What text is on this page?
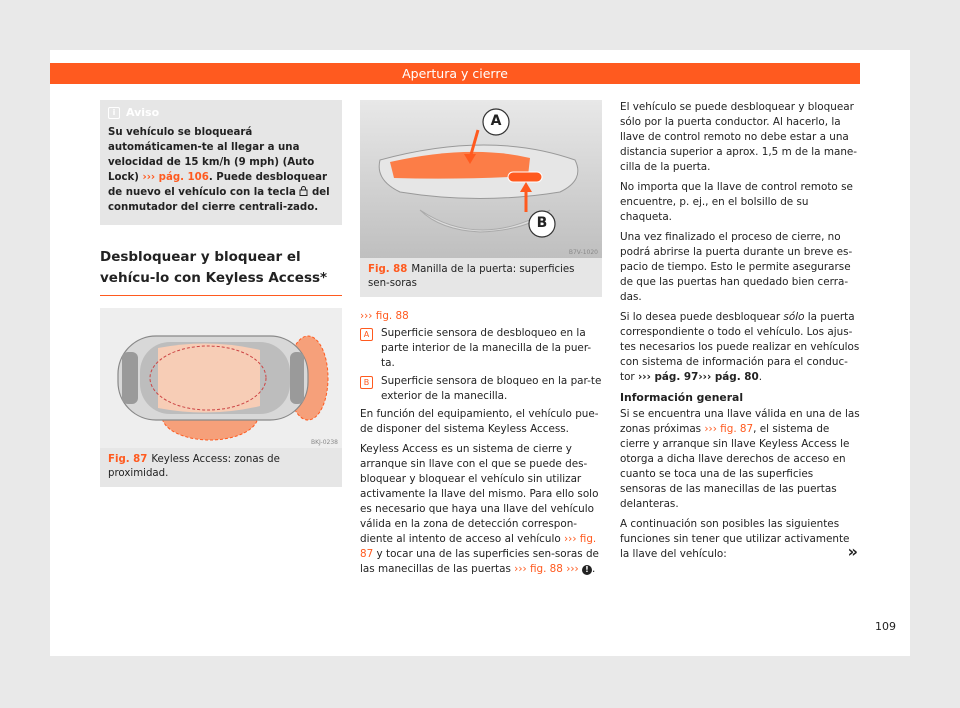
Apertura y cierre
i Aviso
Su vehículo se bloqueará automáticamen-te al llegar a una velocidad de 15 km/h (9 mph) (Auto Lock) ››› pág. 106. Puede desbloquear de nuevo el vehículo con la tecla  del conmutador del cierre centrali-zado.
Desbloquear y bloquear el vehícu-lo con Keyless Access*
BKJ-0238
Fig. 87 Keyless Access: zonas de proximidad.
A
B
B7V-1020
Fig. 88 Manilla de la puerta: superficies sen-soras
››› fig. 88
A	Superficie sensora de desbloqueo en la parte interior de la manecilla de la puer-ta.
B	Superficie sensora de bloqueo en la par-te exterior de la manecilla.

En función del equipamiento, el vehículo pue-de disponer del sistema Keyless Access.

Keyless Access es un sistema de cierre y arranque sin llave con el que se puede des-bloquear y bloquear el vehículo sin utilizar activamente la llave del mismo. Para ello solo es necesario que haya una llave del vehículo válida en la zona de detección correspon-diente al intento de acceso al vehículo ››› fig. 87 y tocar una de las superficies sen-soras de las manecillas de las puertas ››› fig. 88 ››› ! .

El vehículo se puede desbloquear y bloquear sólo por la puerta conductor. Al hacerlo, la llave de control remoto no debe estar a una distancia superior a aprox. 1,5 m de la mane-cilla de la puerta.

No importa que la llave de control remoto se encuentre, p. ej., en el bolsillo de su chaqueta.

Una vez finalizado el proceso de cierre, no podrá abrirse la puerta durante un breve es-pacio de tiempo. Esto le permite asegurarse de que las puertas han quedado bien cerra-das.

Si lo desea puede desbloquear sólo la puerta correspondiente o todo el vehículo. Los ajus-tes necesarios los puede realizar en vehículos con sistema de información para el conduc-tor ››› pág. 97››› pág. 80.

Información general

Si se encuentra una llave válida en una de las zonas próximas ››› fig. 87, el sistema de cierre y arranque sin llave Keyless Access le otorga a dicha llave derechos de acceso en cuanto se toca una de las superficies sensoras de las manecillas de las puertas delanteras.

A continuación son posibles las siguientes funciones sin tener que utilizar activamente la llave del vehículo:	»
109
